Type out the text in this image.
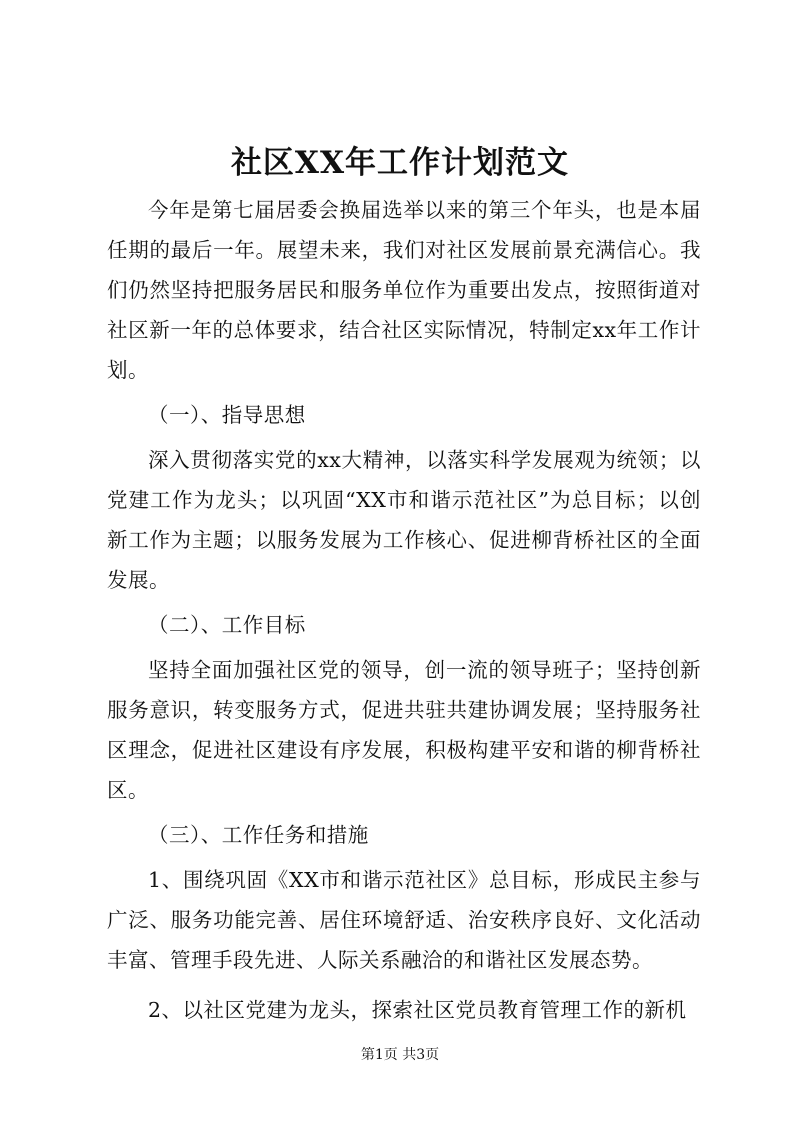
社区XX年工作计划范文

今年是第七届居委会换届选举以来的第三个年头，也是本届任期的最后一年。展望未来，我们对社区发展前景充满信心。我们仍然坚持把服务居民和服务单位作为重要出发点，按照街道对社区新一年的总体要求，结合社区实际情况，特制定xx年工作计划。

（一）、指导思想

深入贯彻落实党的xx大精神，以落实科学发展观为统领；以党建工作为龙头；以巩固“XX市和谐示范社区”为总目标；以创新工作为主题；以服务发展为工作核心、促进柳背桥社区的全面发展。

（二）、工作目标

坚持全面加强社区党的领导，创一流的领导班子；坚持创新服务意识，转变服务方式，促进共驻共建协调发展；坚持服务社区理念，促进社区建设有序发展，积极构建平安和谐的柳背桥社区。

（三）、工作任务和措施

1、围绕巩固《XX市和谐示范社区》总目标，形成民主参与广泛、服务功能完善、居住环境舒适、治安秩序良好、文化活动丰富、管理手段先进、人际关系融洽的和谐社区发展态势。

2、以社区党建为龙头，探索社区党员教育管理工作的新机

第1页 共3页
